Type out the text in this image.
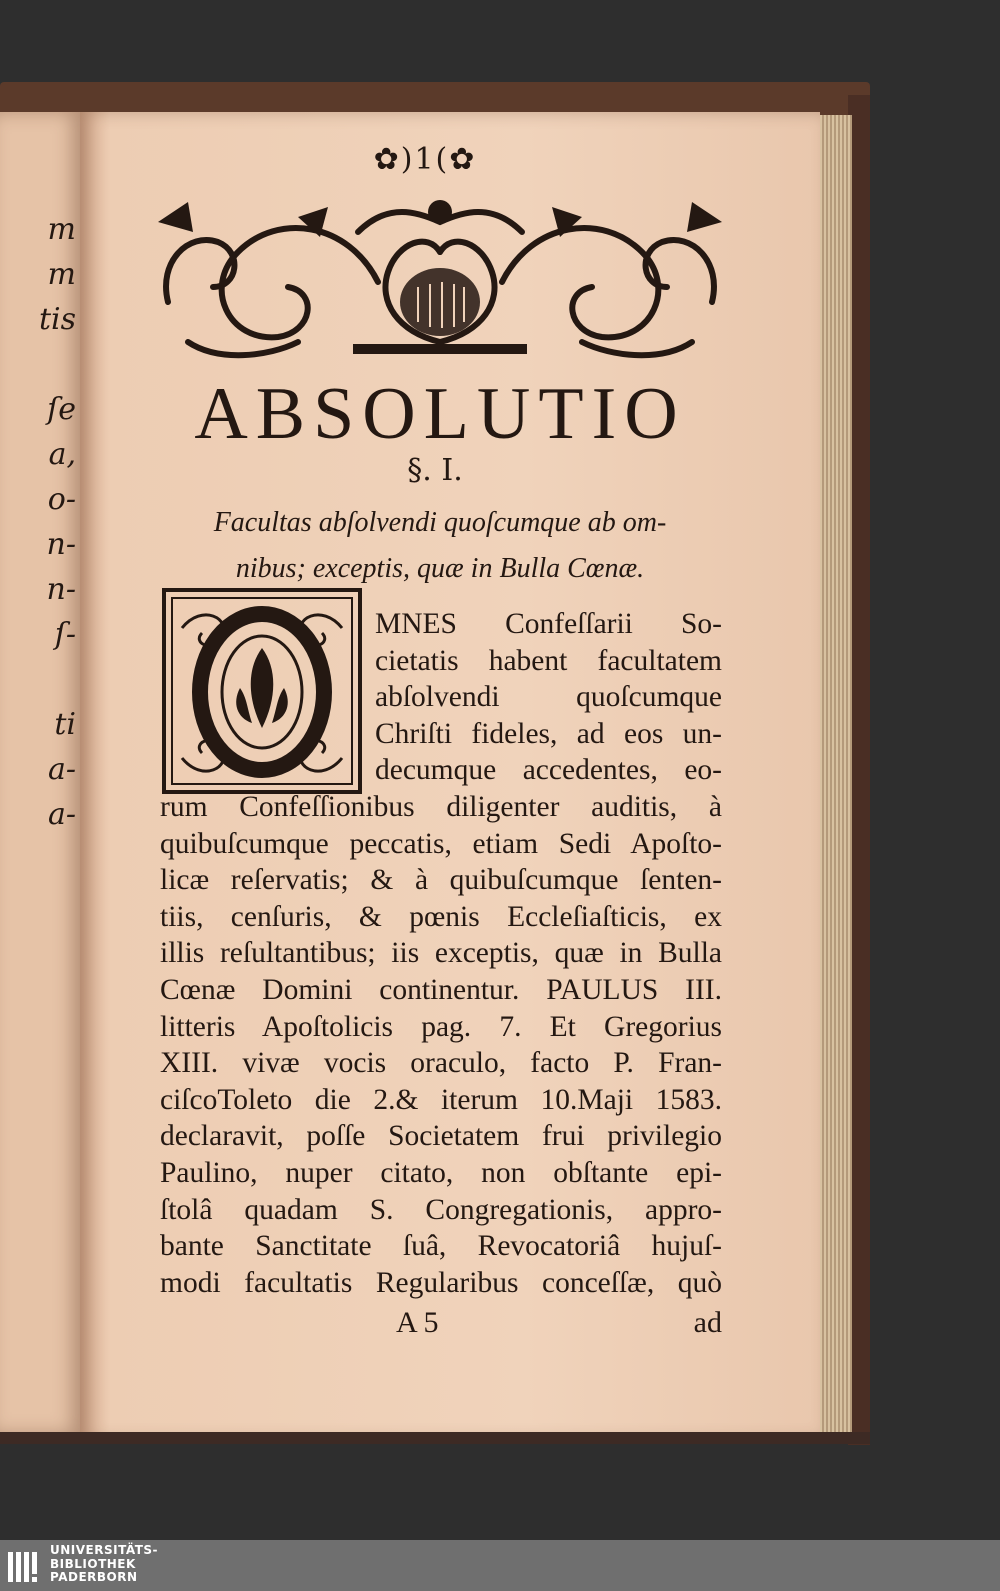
m
m
tis
ſe
a,
o-
n-
n-
ſ-
ti
a-
a-
✿)1(✿
ABSOLUTIO
§. I.
Facultas abſolvendi quoſcumque ab om-
nibus; exceptis, quæ in Bulla Cœnæ.
MNES Confeſſarii So-
cietatis habent facultatem
abſolvendi quoſcumque
Chriſti fideles, ad eos un-
decumque accedentes, eo-
rum Confeſſionibus diligenter auditis, à
quibuſcumque peccatis, etiam Sedi Apoſto-
licæ reſervatis; & à quibuſcumque ſenten-
tiis, cenſuris, & pœnis Eccleſiaſticis, ex
illis reſultantibus; iis exceptis, quæ in Bulla
Cœnæ Domini continentur. PAULUS III.
litteris Apoſtolicis pag. 7. Et Gregorius
XIII. vivæ vocis oraculo, facto P. Fran-
ciſcoToleto die 2.& iterum 10.Maji 1583.
declaravit, poſſe Societatem frui privilegio
Paulino, nuper citato, non obſtante epi-
ſtolâ quadam S. Congregationis, appro-
bante Sanctitate ſuâ, Revocatoriâ hujuſ-
modi facultatis Regularibus conceſſæ, quò
A 5	ad
UNIVERSITÄTS-
BIBLIOTHEK
PADERBORN
